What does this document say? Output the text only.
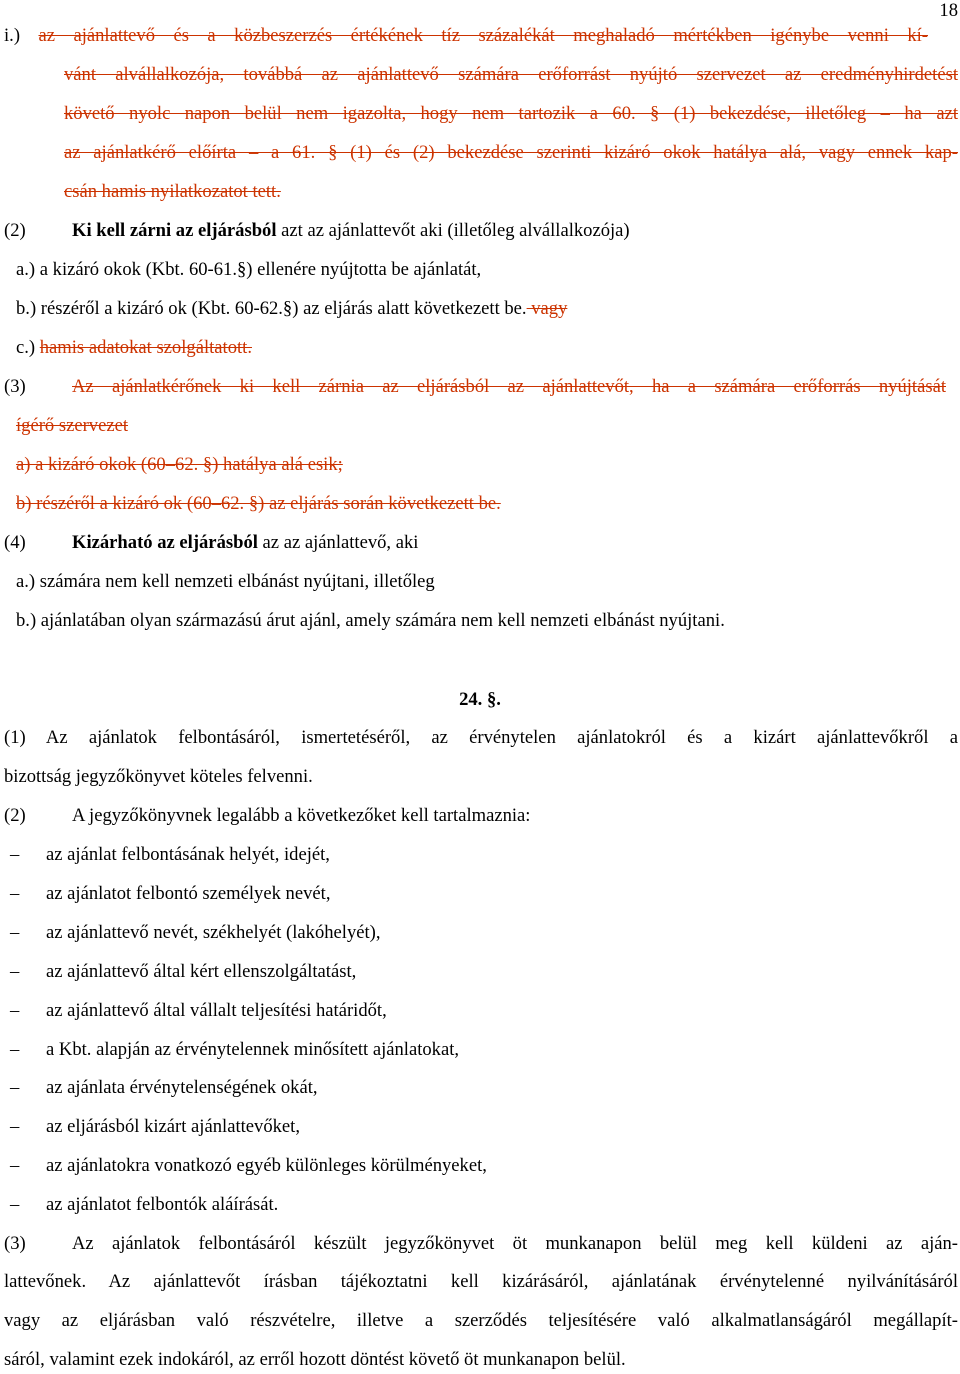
18
i.) az ajánlattevő és a közbeszerzés értékének tíz százalékát meghaladó mértékben igénybe venni kí-
vánt alvállalkozója, továbbá az ajánlattevő számára erőforrást nyújtó szervezet az eredményhirdetést
követő nyolc napon belül nem igazolta, hogy nem tartozik a 60. § (1) bekezdése, illetőleg – ha azt
az ajánlatkérő előírta – a 61. § (1) és (2) bekezdése szerinti kizáró okok hatálya alá, vagy ennek kap-
csán hamis nyilatkozatot tett.
(2) Ki kell zárni az eljárásból azt az ajánlattevőt aki (illetőleg alvállalkozója)
a.) a kizáró okok (Kbt. 60-61.§) ellenére nyújtotta be ajánlatát,
b.) részéről a kizáró ok (Kbt. 60-62.§) az eljárás alatt következett be. vagy
c.) hamis adatokat szolgáltatott.
(3) Az ajánlatkérőnek ki kell zárnia az eljárásból az ajánlattevőt, ha a számára erőforrás nyújtását
ígérő szervezet
a) a kizáró okok (60–62. §) hatálya alá esik;
b) részéről a kizáró ok (60–62. §) az eljárás során következett be.
(4) Kizárható az eljárásból az az ajánlattevő, aki
a.) számára nem kell nemzeti elbánást nyújtani, illetőleg
b.) ajánlatában olyan származású árut ajánl, amely számára nem kell nemzeti elbánást nyújtani.
24. §.
(1) Az ajánlatok felbontásáról, ismertetéséről, az érvénytelen ajánlatokról és a kizárt ajánlattevőkről a
bizottság jegyzőkönyvet köteles felvenni.
(2) A jegyzőkönyvnek legalább a következőket kell tartalmaznia:
– az ajánlat felbontásának helyét, idejét,
– az ajánlatot felbontó személyek nevét,
– az ajánlattevő nevét, székhelyét (lakóhelyét),
– az ajánlattevő által kért ellenszolgáltatást,
– az ajánlattevő által vállalt teljesítési határidőt,
– a Kbt. alapján az érvénytelennek minősített ajánlatokat,
– az ajánlata érvénytelenségének okát,
– az eljárásból kizárt ajánlattevőket,
– az ajánlatokra vonatkozó egyéb különleges körülményeket,
– az ajánlatot felbontók aláírását.
(3) Az ajánlatok felbontásáról készült jegyzőkönyvet öt munkanapon belül meg kell küldeni az aján-
lattevőnek. Az ajánlattevőt írásban tájékoztatni kell kizárásáról, ajánlatának érvénytelenné nyilvánításáról
vagy az eljárásban való részvételre, illetve a szerződés teljesítésére való alkalmatlanságáról megállapít-
sáról, valamint ezek indokáról, az erről hozott döntést követő öt munkanapon belül.
